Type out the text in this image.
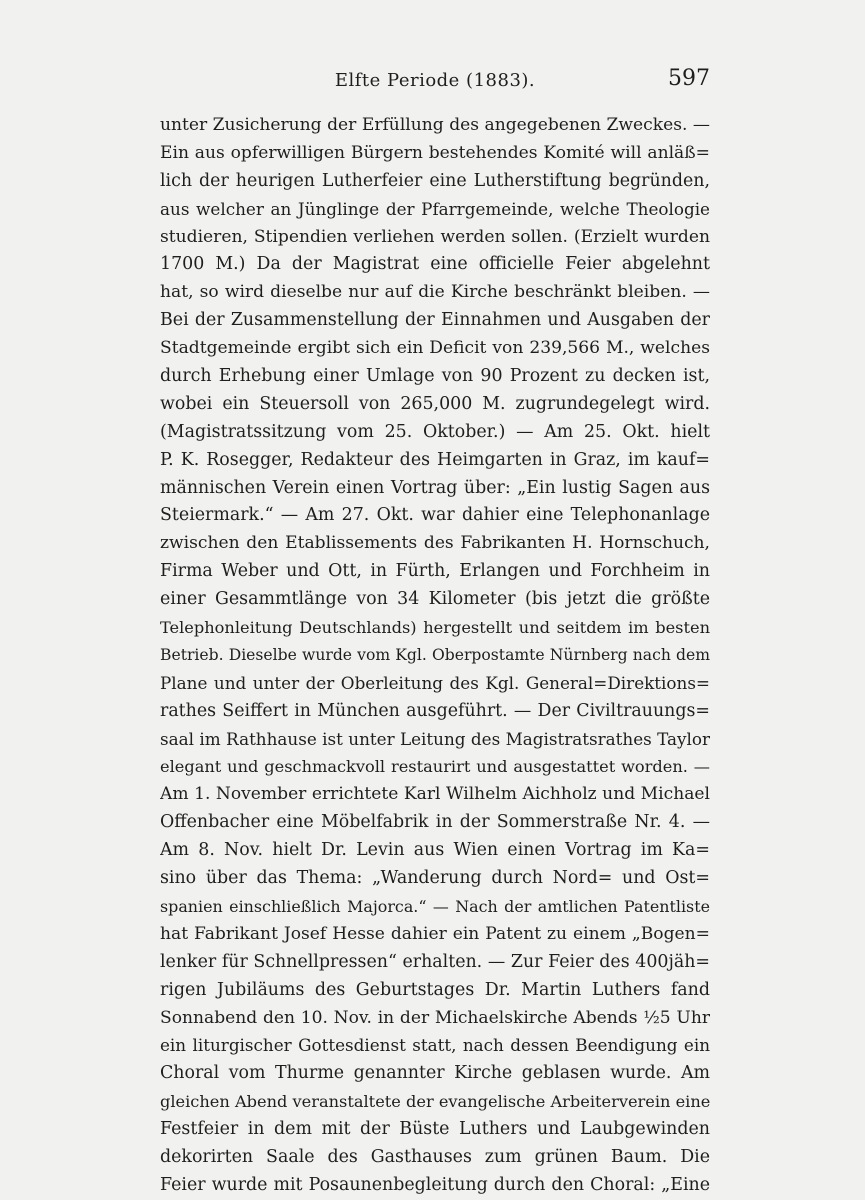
Elfte Periode (1883).	597
unter Zusicherung der Erfüllung des angegebenen Zweckes. —
Ein aus opferwilligen Bürgern bestehendes Komité will anläß=
lich der heurigen Lutherfeier eine Lutherstiftung begründen,
aus welcher an Jünglinge der Pfarrgemeinde, welche Theologie
studieren, Stipendien verliehen werden sollen. (Erzielt wurden
1700 M.) Da der Magistrat eine officielle Feier abgelehnt
hat, so wird dieselbe nur auf die Kirche beschränkt bleiben. —
Bei der Zusammenstellung der Einnahmen und Ausgaben der
Stadtgemeinde ergibt sich ein Deficit von 239,566 M., welches
durch Erhebung einer Umlage von 90 Prozent zu decken ist,
wobei ein Steuersoll von 265,000 M. zugrundegelegt wird.
(Magistratssitzung vom 25. Oktober.) — Am 25. Okt. hielt
P. K. Rosegger, Redakteur des Heimgarten in Graz, im kauf=
männischen Verein einen Vortrag über: „Ein lustig Sagen aus
Steiermark.“ — Am 27. Okt. war dahier eine Telephonanlage
zwischen den Etablissements des Fabrikanten H. Hornschuch,
Firma Weber und Ott, in Fürth, Erlangen und Forchheim in
einer Gesammtlänge von 34 Kilometer (bis jetzt die größte
Telephonleitung Deutschlands) hergestellt und seitdem im besten
Betrieb. Dieselbe wurde vom Kgl. Oberpostamte Nürnberg nach dem
Plane und unter der Oberleitung des Kgl. General=Direktions=
rathes Seiffert in München ausgeführt. — Der Civiltrauungs=
saal im Rathhause ist unter Leitung des Magistratsrathes Taylor
elegant und geschmackvoll restaurirt und ausgestattet worden. —
Am 1. November errichtete Karl Wilhelm Aichholz und Michael
Offenbacher eine Möbelfabrik in der Sommerstraße Nr. 4. —
Am 8. Nov. hielt Dr. Levin aus Wien einen Vortrag im Ka=
sino über das Thema: „Wanderung durch Nord= und Ost=
spanien einschließlich Majorca.“ — Nach der amtlichen Patentliste
hat Fabrikant Josef Hesse dahier ein Patent zu einem „Bogen=
lenker für Schnellpressen“ erhalten. — Zur Feier des 400jäh=
rigen Jubiläums des Geburtstages Dr. Martin Luthers fand
Sonnabend den 10. Nov. in der Michaelskirche Abends ½5 Uhr
ein liturgischer Gottesdienst statt, nach dessen Beendigung ein
Choral vom Thurme genannter Kirche geblasen wurde. Am
gleichen Abend veranstaltete der evangelische Arbeiterverein eine
Festfeier in dem mit der Büste Luthers und Laubgewinden
dekorirten Saale des Gasthauses zum grünen Baum. Die
Feier wurde mit Posaunenbegleitung durch den Choral: „Eine
